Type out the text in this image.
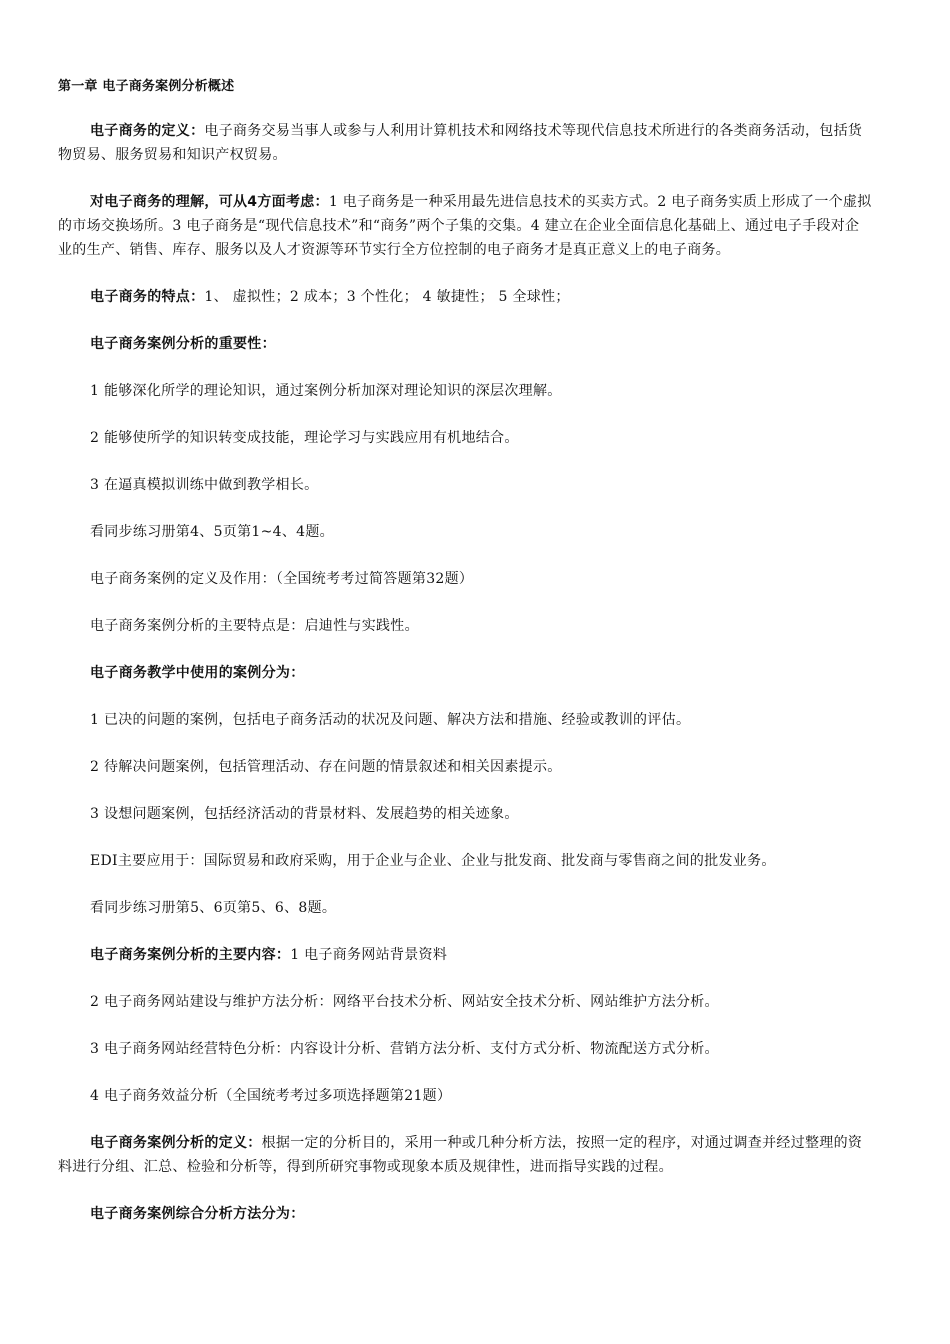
第一章 电子商务案例分析概述

电子商务的定义：电子商务交易当事人或参与人利用计算机技术和网络技术等现代信息技术所进行的各类商务活动，包括货物贸易、服务贸易和知识产权贸易。

对电子商务的理解，可从4方面考虑：1 电子商务是一种采用最先进信息技术的买卖方式。2 电子商务实质上形成了一个虚拟的市场交换场所。3 电子商务是“现代信息技术”和“商务”两个子集的交集。4 建立在企业全面信息化基础上、通过电子手段对企业的生产、销售、库存、服务以及人才资源等环节实行全方位控制的电子商务才是真正意义上的电子商务。

电子商务的特点：1、 虚拟性；2 成本；3 个性化； 4 敏捷性； 5 全球性；

电子商务案例分析的重要性：

1 能够深化所学的理论知识，通过案例分析加深对理论知识的深层次理解。

2 能够使所学的知识转变成技能，理论学习与实践应用有机地结合。

3 在逼真模拟训练中做到教学相长。

看同步练习册第4、5页第1~4、4题。

电子商务案例的定义及作用：（全国统考考过简答题第32题）

电子商务案例分析的主要特点是：启迪性与实践性。

电子商务教学中使用的案例分为：

1 已决的问题的案例，包括电子商务活动的状况及问题、解决方法和措施、经验或教训的评估。

2 待解决问题案例，包括管理活动、存在问题的情景叙述和相关因素提示。

3 设想问题案例，包括经济活动的背景材料、发展趋势的相关迹象。

EDI主要应用于：国际贸易和政府采购，用于企业与企业、企业与批发商、批发商与零售商之间的批发业务。

看同步练习册第5、6页第5、6、8题。

电子商务案例分析的主要内容：1 电子商务网站背景资料

2 电子商务网站建设与维护方法分析：网络平台技术分析、网站安全技术分析、网站维护方法分析。

3 电子商务网站经营特色分析：内容设计分析、营销方法分析、支付方式分析、物流配送方式分析。

4 电子商务效益分析（全国统考考过多项选择题第21题）

电子商务案例分析的定义：根据一定的分析目的，采用一种或几种分析方法，按照一定的程序，对通过调查并经过整理的资料进行分组、汇总、检验和分析等，得到所研究事物或现象本质及规律性，进而指导实践的过程。

电子商务案例综合分析方法分为：
